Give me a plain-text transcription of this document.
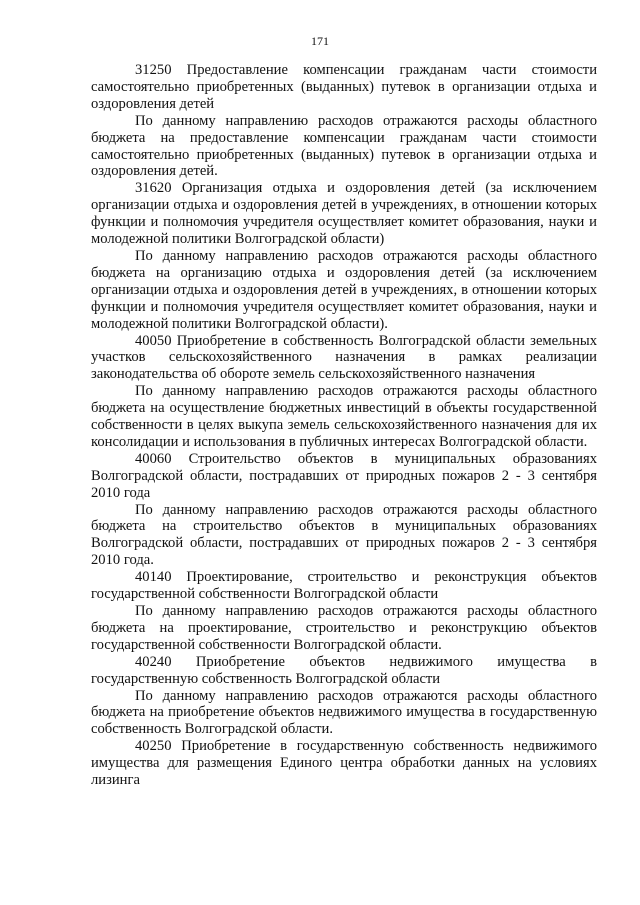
171

31250 Предоставление компенсации гражданам части стоимости самостоятельно приобретенных (выданных) путевок в организации отдыха и оздоровления детей

По данному направлению расходов отражаются расходы областного бюджета на предоставление компенсации гражданам части стоимости самостоятельно приобретенных (выданных) путевок в организации отдыха и оздоровления детей.

31620 Организация отдыха и оздоровления детей (за исключением организации отдыха и оздоровления детей в учреждениях, в отношении которых функции и полномочия учредителя осуществляет комитет образования, науки и молодежной политики Волгоградской области)

По данному направлению расходов отражаются расходы областного бюджета на организацию отдыха и оздоровления детей (за исключением организации отдыха и оздоровления детей в учреждениях, в отношении которых функции и полномочия учредителя осуществляет комитет образования, науки и молодежной политики Волгоградской области).

40050 Приобретение в собственность Волгоградской области земельных участков сельскохозяйственного назначения в рамках реализации законодательства об обороте земель сельскохозяйственного назначения

По данному направлению расходов отражаются расходы областного бюджета на осуществление бюджетных инвестиций в объекты государственной собственности в целях выкупа земель сельскохозяйственного назначения для их консолидации и использования в публичных интересах Волгоградской области.

40060 Строительство объектов в муниципальных образованиях Волгоградской области, пострадавших от природных пожаров 2 - 3 сентября 2010 года

По данному направлению расходов отражаются расходы областного бюджета на строительство объектов в муниципальных образованиях Волгоградской области, пострадавших от природных пожаров 2 - 3 сентября 2010 года.

40140 Проектирование, строительство и реконструкция объектов государственной собственности Волгоградской области

По данному направлению расходов отражаются расходы областного бюджета на проектирование, строительство и реконструкцию объектов государственной собственности Волгоградской области.

40240 Приобретение объектов недвижимого имущества в государственную собственность Волгоградской области

По данному направлению расходов отражаются расходы областного бюджета на приобретение объектов недвижимого имущества в государственную собственность Волгоградской области.

40250 Приобретение в государственную собственность недвижимого имущества для размещения Единого центра обработки данных на условиях лизинга
